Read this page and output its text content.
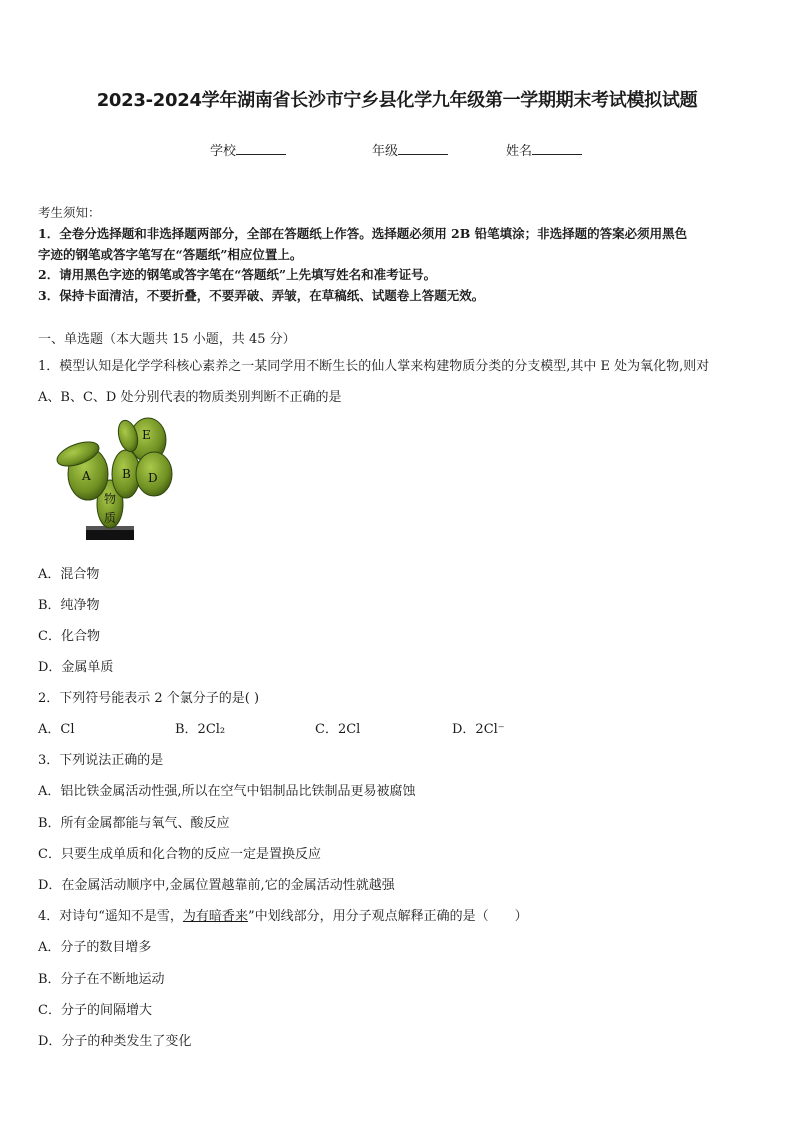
2023-2024学年湖南省长沙市宁乡县化学九年级第一学期期末考试模拟试题
学校	年级	姓名
考生须知：
1．全卷分选择题和非选择题两部分，全部在答题纸上作答。选择题必须用 2B 铅笔填涂；非选择题的答案必须用黑色
字迹的钢笔或答字笔写在“答题纸”相应位置上。
2．请用黑色字迹的钢笔或答字笔在“答题纸”上先填写姓名和准考证号。
3．保持卡面清洁，不要折叠，不要弄破、弄皱，在草稿纸、试题卷上答题无效。
一、单选题（本大题共 15 小题，共 45 分）
1．模型认知是化学学科核心素养之一某同学用不断生长的仙人掌来构建物质分类的分支模型,其中 E 处为氧化物,则对
A、B、C、D 处分别代表的物质类别判断不正确的是
E
A	B D
物
质
A．混合物
B．纯净物
C．化合物
D．金属单质
2．下列符号能表示 2 个氯分子的是( )
A．Cl	B．2Cl₂	C．2Cl	D．2Cl⁻
3．下列说法正确的是
A．铝比铁金属活动性强,所以在空气中铝制品比铁制品更易被腐蚀
B．所有金属都能与氧气、酸反应
C．只要生成单质和化合物的反应一定是置换反应
D．在金属活动顺序中,金属位置越靠前,它的金属活动性就越强
4．对诗句“遥知不是雪，为有暗香来”中划线部分，用分子观点解释正确的是（　　）
A．分子的数目增多
B．分子在不断地运动
C．分子的间隔增大
D．分子的种类发生了变化
